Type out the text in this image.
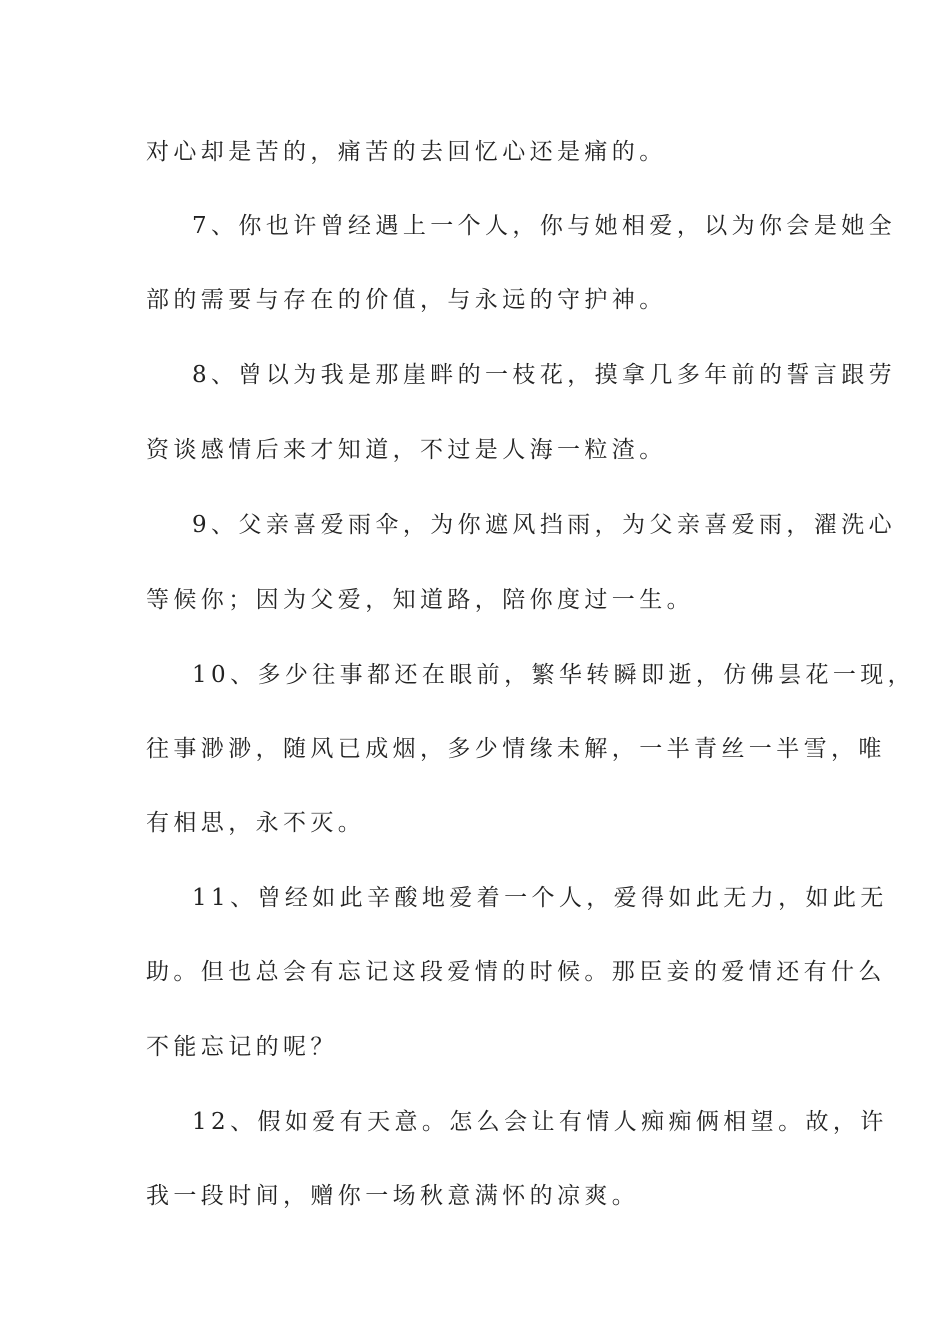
对心却是苦的，痛苦的去回忆心还是痛的。
7、你也许曾经遇上一个人，你与她相爱，以为你会是她全
部的需要与存在的价值，与永远的守护神。
8、曾以为我是那崖畔的一枝花，摸拿几多年前的誓言跟劳
资谈感情后来才知道，不过是人海一粒渣。
9、父亲喜爱雨伞，为你遮风挡雨，为父亲喜爱雨，濯洗心
等候你；因为父爱，知道路，陪你度过一生。
10、多少往事都还在眼前，繁华转瞬即逝，仿佛昙花一现，
往事渺渺，随风已成烟，多少情缘未解，一半青丝一半雪，唯
有相思，永不灭。
11、曾经如此辛酸地爱着一个人，爱得如此无力，如此无
助。但也总会有忘记这段爱情的时候。那臣妾的爱情还有什么
不能忘记的呢？
12、假如爱有天意。怎么会让有情人痴痴俩相望。故，许
我一段时间，赠你一场秋意满怀的凉爽。
